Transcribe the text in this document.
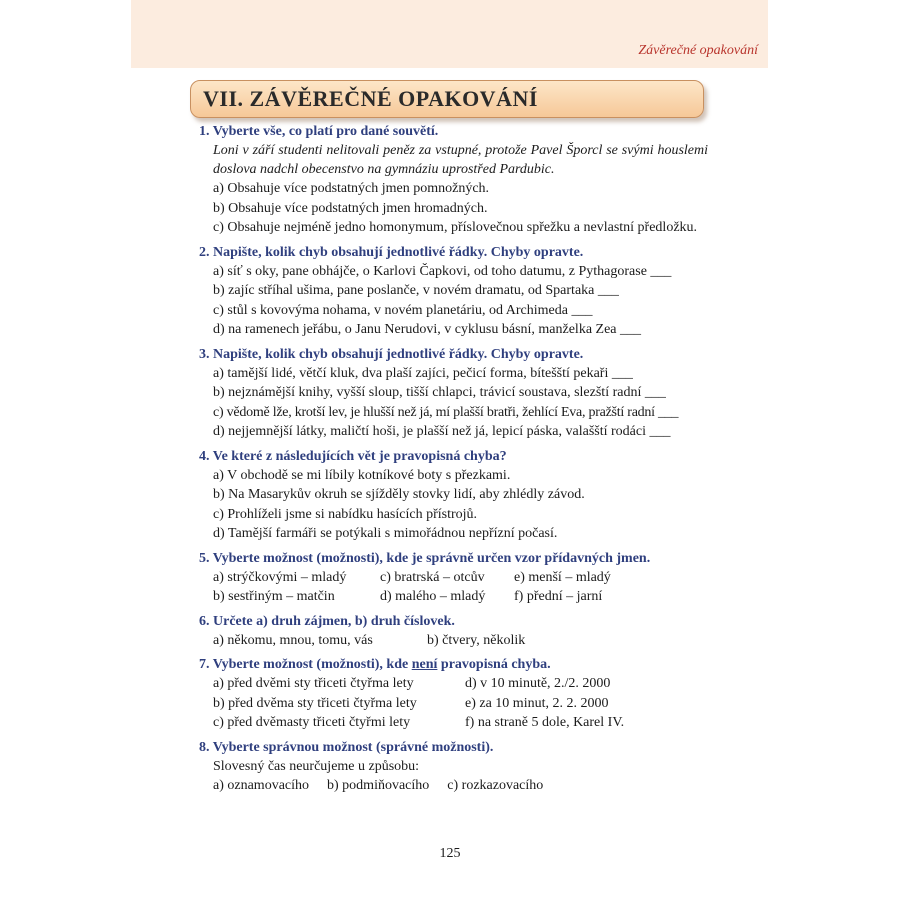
Závěrečné opakování
VII. ZÁVĚREČNÉ OPAKOVÁNÍ
1. Vyberte vše, co platí pro dané souvětí.
Loni v září studenti nelitovali peněz za vstupné, protože Pavel Šporcl se svými houslemi doslova nadchl obecenstvo na gymnáziu uprostřed Pardubic.
a) Obsahuje více podstatných jmen pomnožných.
b) Obsahuje více podstatných jmen hromadných.
c) Obsahuje nejméně jedno homonymum, příslovečnou spřežku a nevlastní předložku.
2. Napište, kolik chyb obsahují jednotlivé řádky. Chyby opravte.
a) síť s oky, pane obhájče, o Karlovi Čapkovi, od toho datumu, z Pythagorase ___
b) zajíc stříhal ušima, pane poslanče, v novém dramatu, od Spartaka ___
c) stůl s kovovýma nohama, v novém planetáriu, od Archimeda ___
d) na ramenech jeřábu, o Janu Nerudovi, v cyklusu básní, manželka Zea ___
3. Napište, kolik chyb obsahují jednotlivé řádky. Chyby opravte.
a) tamější lidé, větčí kluk, dva plaší zajíci, pečicí forma, bítešští pekaři ___
b) nejznámější knihy, vyšší sloup, tišší chlapci, trávicí soustava, slezští radní ___
c) vědomě lže, krotší lev, je hlušší než já, mí plašší bratři, žehlící Eva, pražští radní ___
d) nejjemnější látky, maličtí hoši, je plašší než já, lepicí páska, valašští rodáci ___
4. Ve které z následujících vět je pravopisná chyba?
a) V obchodě se mi líbily kotníkové boty s přezkami.
b) Na Masarykův okruh se sjížděly stovky lidí, aby zhlédly závod.
c) Prohlíželi jsme si nabídku hasících přístrojů.
d) Tamější farmáři se potýkali s mimořádnou nepřízní počasí.
5. Vyberte možnost (možnosti), kde je správně určen vzor přídavných jmen.
a) strýčkovými – mladý	c) bratrská – otcův	e) menší – mladý
b) sestřiným – matčin	d) malého – mladý	f) přední – jarní
6. Určete a) druh zájmen, b) druh číslovek.
a) někomu, mnou, tomu, vás	b) čtvery, několik
7. Vyberte možnost (možnosti), kde není pravopisná chyba.
a) před dvěmi sty třiceti čtyřma lety	d) v 10 minutě, 2./2. 2000
b) před dvěma sty třiceti čtyřma lety	e) za 10 minut, 2. 2. 2000
c) před dvěmasty třiceti čtyřmi lety	f) na straně 5 dole, Karel IV.
8. Vyberte správnou možnost (správné možnosti).
Slovesný čas neurčujeme u způsobu:
a) oznamovacího b) podmiňovacího c) rozkazovacího
125
